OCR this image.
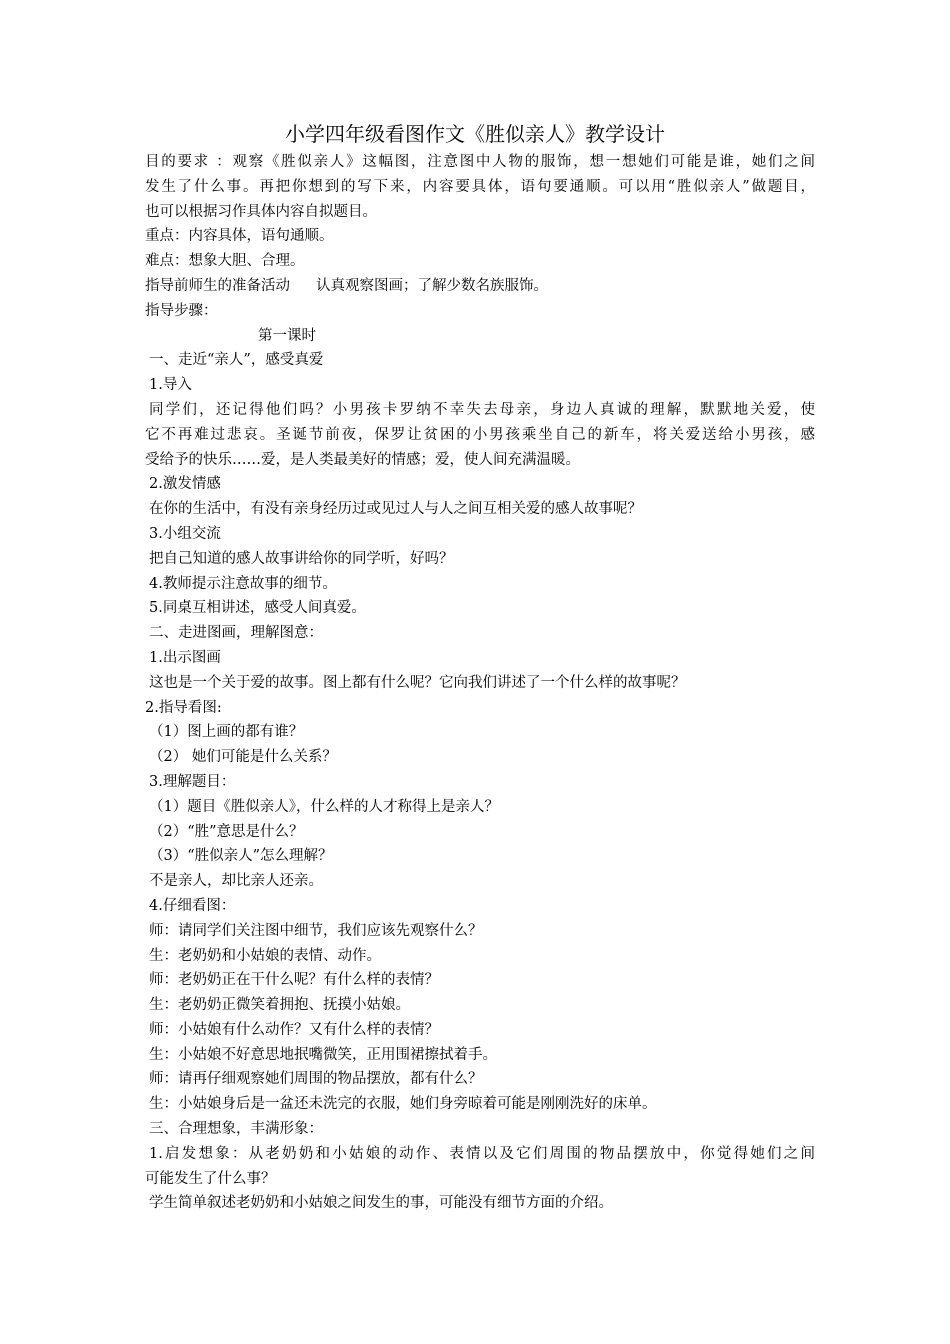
小学四年级看图作文《胜似亲人》教学设计
目的要求 ：观察《胜似亲人》这幅图，注意图中人物的服饰，想一想她们可能是谁，她们之间
发生了什么事。再把你想到的写下来，内容要具体，语句要通顺。可以用“胜似亲人”做题目，
也可以根据习作具体内容自拟题目。
重点：内容具体，语句通顺。
难点：想象大胆、合理。
指导前师生的准备活动 认真观察图画；了解少数名族服饰。
指导步骤：
第一课时
一、走近“亲人”，感受真爱
1.导入
同学们，还记得他们吗？小男孩卡罗纳不幸失去母亲，身边人真诚的理解，默默地关爱，使
它不再难过悲哀。圣诞节前夜，保罗让贫困的小男孩乘坐自己的新车，将关爱送给小男孩，感
受给予的快乐……爱，是人类最美好的情感；爱，使人间充满温暖。
2.激发情感
在你的生活中，有没有亲身经历过或见过人与人之间互相关爱的感人故事呢？
3.小组交流
把自己知道的感人故事讲给你的同学听，好吗？
4.教师提示注意故事的细节。
5.同桌互相讲述，感受人间真爱。
二、走进图画，理解图意：
1.出示图画
这也是一个关于爱的故事。图上都有什么呢？它向我们讲述了一个什么样的故事呢？
2.指导看图:
（1）图上画的都有谁？
（2） 她们可能是什么关系？
3.理解题目：
（1）题目《胜似亲人》，什么样的人才称得上是亲人？
（2）“胜”意思是什么？
（3）“胜似亲人”怎么理解？
不是亲人，却比亲人还亲。
4.仔细看图：
师：请同学们关注图中细节，我们应该先观察什么？
生：老奶奶和小姑娘的表情、动作。
师：老奶奶正在干什么呢？有什么样的表情？
生：老奶奶正微笑着拥抱、抚摸小姑娘。
师：小姑娘有什么动作？又有什么样的表情？
生：小姑娘不好意思地抿嘴微笑，正用围裙擦拭着手。
师：请再仔细观察她们周围的物品摆放，都有什么？
生：小姑娘身后是一盆还未洗完的衣服，她们身旁晾着可能是刚刚洗好的床单。
三、合理想象，丰满形象：
1.启发想象：从老奶奶和小姑娘的动作、表情以及它们周围的物品摆放中，你觉得她们之间
可能发生了什么事？
学生简单叙述老奶奶和小姑娘之间发生的事，可能没有细节方面的介绍。
